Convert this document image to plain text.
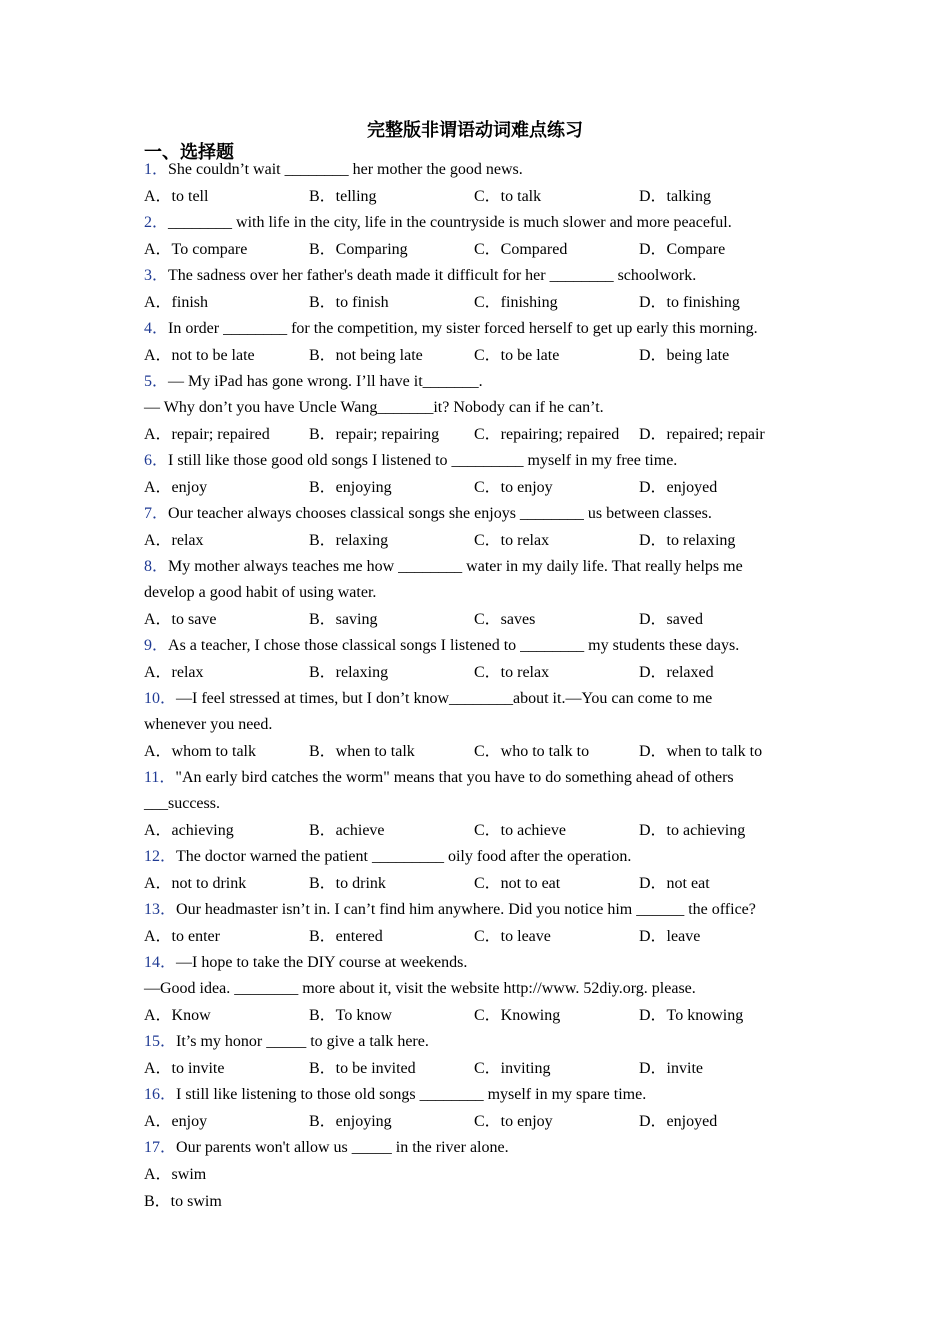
完整版非谓语动词难点练习
一、选择题
1．She couldn’t wait ________ her mother the good news.
A．to tell	B．telling	C．to talk	D．talking
2．________ with life in the city, life in the countryside is much slower and more peaceful.
A．To compare	B．Comparing	C．Compared	D．Compare
3．The sadness over her father's death made it difficult for her ________ schoolwork.
A．finish	B．to finish	C．finishing	D．to finishing
4．In order ________ for the competition, my sister forced herself to get up early this morning.
A．not to be late	B．not being late	C．to be late	D．being late
5．— My iPad has gone wrong. I’ll have it_______.
— Why don’t you have Uncle Wang_______it? Nobody can if he can’t.
A．repair; repaired	B．repair; repairing	C．repairing; repaired	D．repaired; repair
6．I still like those good old songs I listened to _________ myself in my free time.
A．enjoy	B．enjoying	C．to enjoy	D．enjoyed
7．Our teacher always chooses classical songs she enjoys ________ us between classes.
A．relax	B．relaxing	C．to relax	D．to relaxing
8．My mother always teaches me how ________ water in my daily life. That really helps me
develop a good habit of using water.
A．to save	B．saving	C．saves	D．saved
9．As a teacher, I chose those classical songs I listened to ________ my students these days.
A．relax	B．relaxing	C．to relax	D．relaxed
10．—I feel stressed at times, but I don’t know________about it.—You can come to me
whenever you need.
A．whom to talk	B．when to talk	C．who to talk to	D．when to talk to
11．"An early bird catches the worm" means that you have to do something ahead of others
___success.
A．achieving	B．achieve	C．to achieve	D．to achieving
12．The doctor warned the patient _________ oily food after the operation.
A．not to drink	B．to drink	C．not to eat	D．not eat
13．Our headmaster isn’t in. I can’t find him anywhere. Did you notice him ______ the office?
A．to enter	B．entered	C．to leave	D．leave
14．—I hope to take the DIY course at weekends.
—Good idea. ________ more about it, visit the website http://www. 52diy.org. please.
A．Know	B．To know	C．Knowing	D．To knowing
15．It’s my honor _____ to give a talk here.
A．to invite	B．to be invited	C．inviting	D．invite
16．I still like listening to those old songs ________ myself in my spare time.
A．enjoy	B．enjoying	C．to enjoy	D．enjoyed
17．Our parents won't allow us _____ in the river alone.
A．swim
B．to swim
